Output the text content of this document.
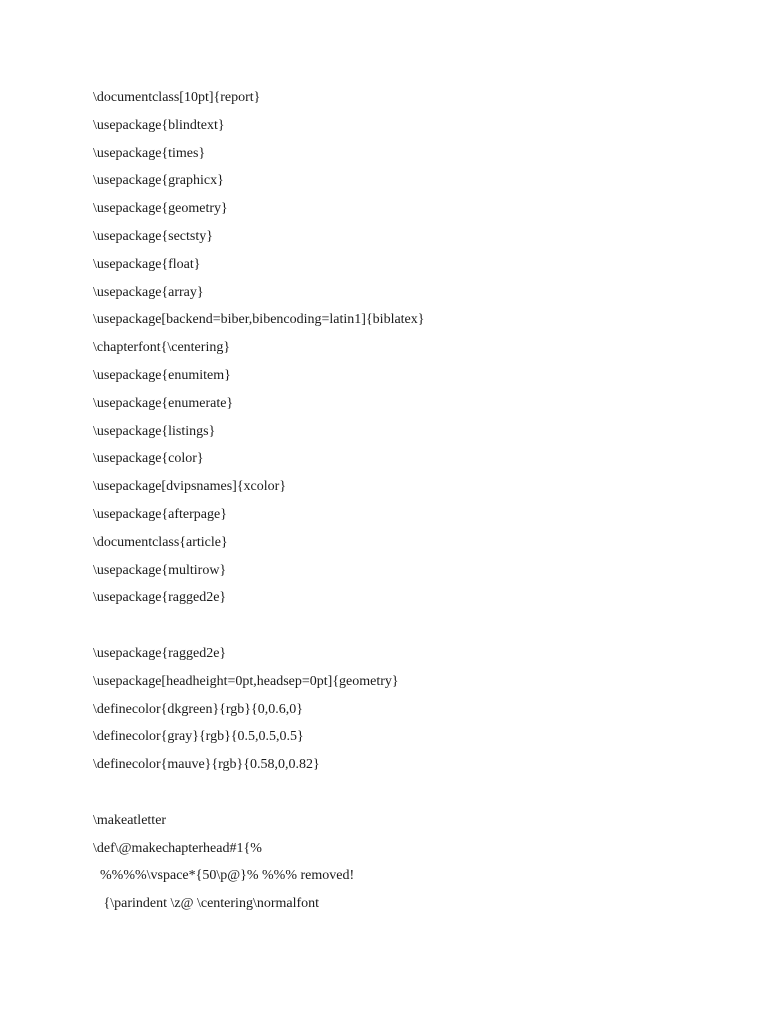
\documentclass[10pt]{report}
\usepackage{blindtext}
\usepackage{times}
\usepackage{graphicx}
\usepackage{geometry}
\usepackage{sectsty}
\usepackage{float}
\usepackage{array}
\usepackage[backend=biber,bibencoding=latin1]{biblatex}
\chapterfont{\centering}
\usepackage{enumitem}
\usepackage{enumerate}
\usepackage{listings}
\usepackage{color}
\usepackage[dvipsnames]{xcolor}
\usepackage{afterpage}
\documentclass{article}
\usepackage{multirow}
\usepackage{ragged2e}
\usepackage{ragged2e}
\usepackage[headheight=0pt,headsep=0pt]{geometry}
\definecolor{dkgreen}{rgb}{0,0.6,0}
\definecolor{gray}{rgb}{0.5,0.5,0.5}
\definecolor{mauve}{rgb}{0.58,0,0.82}
\makeatletter
\def\@makechapterhead#1{%
%%%%\vspace*{50\p@}% %%% removed!
{\parindent \z@ \centering\normalfont
